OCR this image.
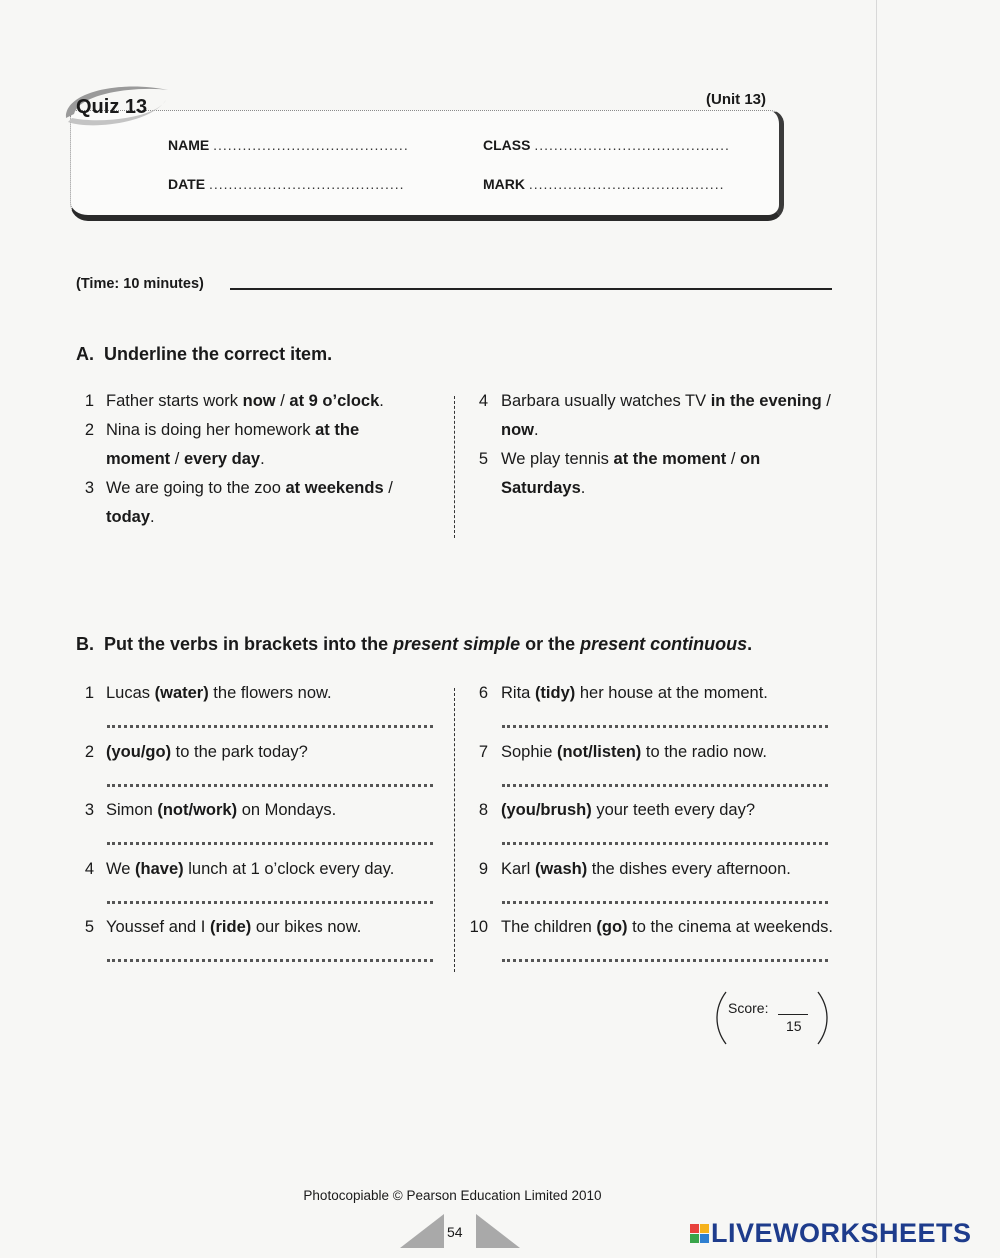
Quiz 13	(Unit 13)
NAME ........................................	CLASS ........................................
DATE ........................................	MARK ........................................
(Time: 10 minutes)
A. Underline the correct item.
1 Father starts work now / at 9 o’clock.
2 Nina is doing her homework at the
moment / every day.
3 We are going to the zoo at weekends /
today.
4 Barbara usually watches TV in the evening /
now.
5 We play tennis at the moment / on
Saturdays.
B. Put the verbs in brackets into the present simple or the present continuous.
1 Lucas (water) the flowers now.
2 (you/go) to the park today?
3 Simon (not/work) on Mondays.
4 We (have) lunch at 1 o’clock every day.
5 Youssef and I (ride) our bikes now.
6 Rita (tidy) her house at the moment.
7 Sophie (not/listen) to the radio now.
8 (you/brush) your teeth every day?
9 Karl (wash) the dishes every afternoon.
10 The children (go) to the cinema at weekends.
Score:
15
Photocopiable © Pearson Education Limited 2010
54	LIVEWORKSHEETS
